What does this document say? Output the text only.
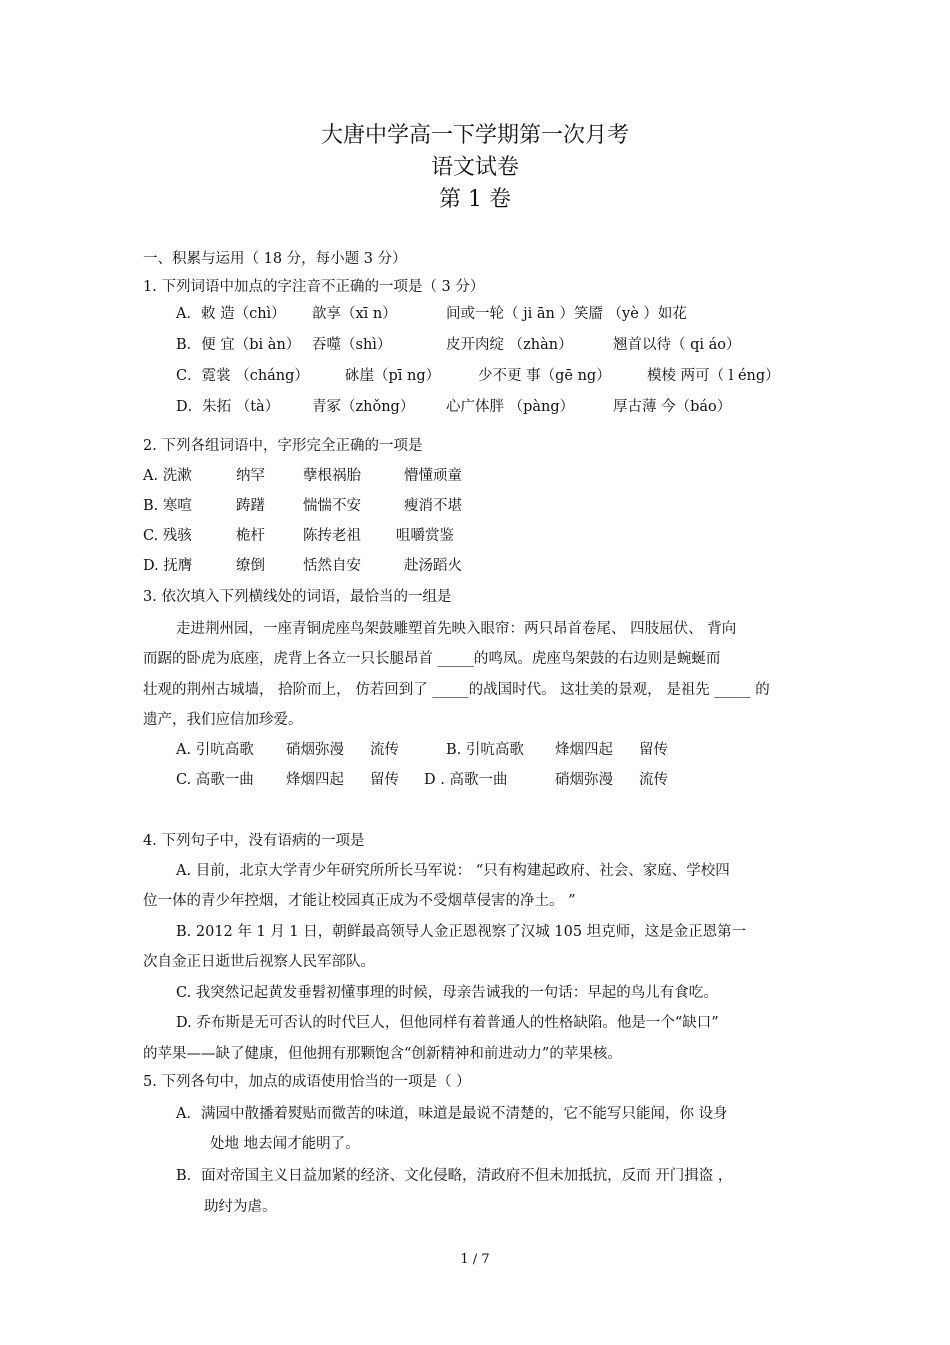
大唐中学高一下学期第一次月考
语文试卷
第 1 卷
一、积累与运用（ 18 分，每小题 3 分）
1. 下列词语中加点的字注音不正确的一项是（ 3 分）
A．敕 造（chì） 歆享（xī n）	间或一轮（ ji ān ）笑靥 （yè ）如花
B．便 宜（bi àn） 吞噬（shì）	皮开肉绽 （zhàn）	翘首以待（ qi áo）
C．霓裳 （cháng） 砯崖（pī ng）	少不更 事（gē ng）	模棱 两可（ l éng）
D．朱拓 （tà） 青冢（zhǒng） 心广体胖 （pàng）	厚古薄 今（báo）
2. 下列各组词语中，字形完全正确的一项是
A. 洗漱	纳罕	孽根祸胎	懵懂顽童
B. 寒喧	踌躇	惴惴不安	瘦消不堪
C. 残骇	桅杆	陈抟老祖 咀嚼赏鉴
D. 抚膺	缭倒	恬然自安	赴汤蹈火
3. 依次填入下列横线处的词语，最恰当的一组是
走进荆州园，一座青铜虎座鸟架鼓雕塑首先映入眼帘：两只昂首卷尾、 四肢屈伏、 背向
而踞的卧虎为底座，虎背上各立一只长腿昂首 _____的鸣凤。虎座鸟架鼓的右边则是蜿蜒而
壮观的荆州古城墙， 拾阶而上， 仿若回到了 _____的战国时代。 这壮美的景观， 是祖先 _____ 的
遗产，我们应信加珍爱。
A. 引吭高歌 硝烟弥漫 流传	B. 引吭高歌 烽烟四起 留传
C. 高歌一曲 烽烟四起 留传 D . 高歌一曲	硝烟弥漫 流传
4. 下列句子中，没有语病的一项是
A. 目前，北京大学青少年研究所所长马军说： “只有构建起政府、社会、家庭、学校四
位一体的青少年控烟，才能让校园真正成为不受烟草侵害的净土。 ”
B. 2012 年 1 月 1 日，朝鲜最高领导人金正恩视察了汉城 105 坦克师，这是金正恩第一
次自金正日逝世后视察人民军部队。
C. 我突然记起黄发垂髫初懂事理的时候，母亲告诫我的一句话：早起的鸟儿有食吃。
D. 乔布斯是无可否认的时代巨人，但他同样有着普通人的性格缺陷。他是一个“缺口”
的苹果——缺了健康，但他拥有那颗饱含“创新精神和前进动力”的苹果核。
5. 下列各句中，加点的成语使用恰当的一项是（ ）
A．满园中散播着熨贴而微苦的味道，味道是最说不清楚的，它不能写只能闻，你 设身
处地 地去闻才能明了。
B．面对帝国主义日益加紧的经济、文化侵略，清政府不但未加抵抗，反而 开门揖盗 ，
助纣为虐。
1 / 7
